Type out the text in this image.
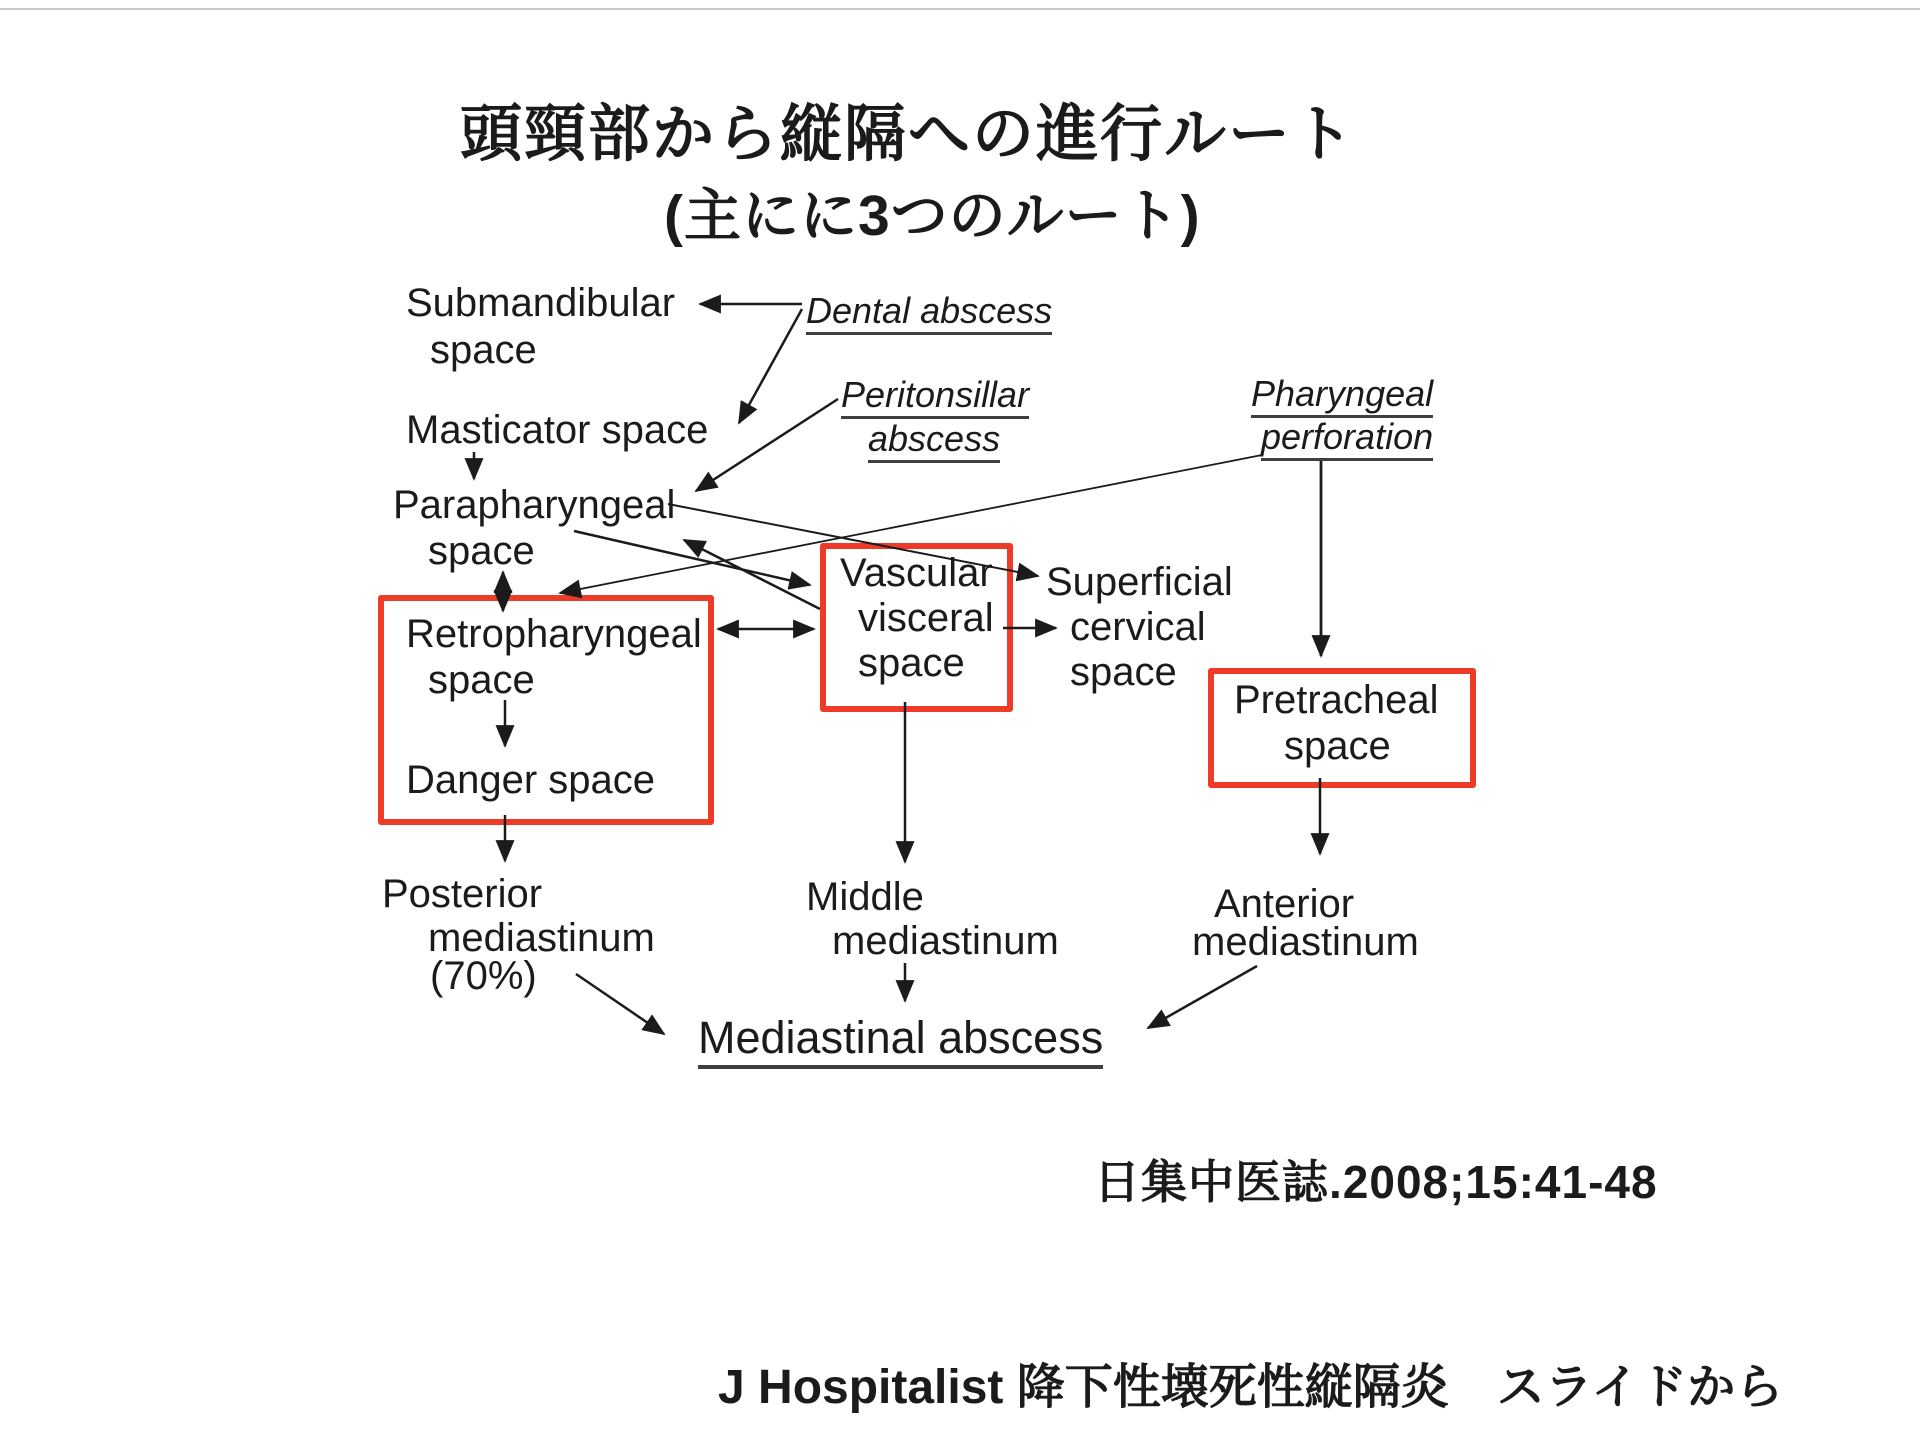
頭頸部から縦隔への進行ルート
(主にに3つのルート)
Dental abscess
Peritonsillar
abscess
Pharyngeal
perforation
Submandibular
space
Masticator space
Parapharyngeal
space
Retropharyngeal
space
Danger space
Vascular
visceral
space
Superficial
cervical
space
Pretracheal
space
Posterior
mediastinum
(70%)
Middle
mediastinum
Anterior
mediastinum
Mediastinal abscess
日集中医誌.2008;15:41-48
J Hospitalist 降下性壊死性縦隔炎　スライドから
